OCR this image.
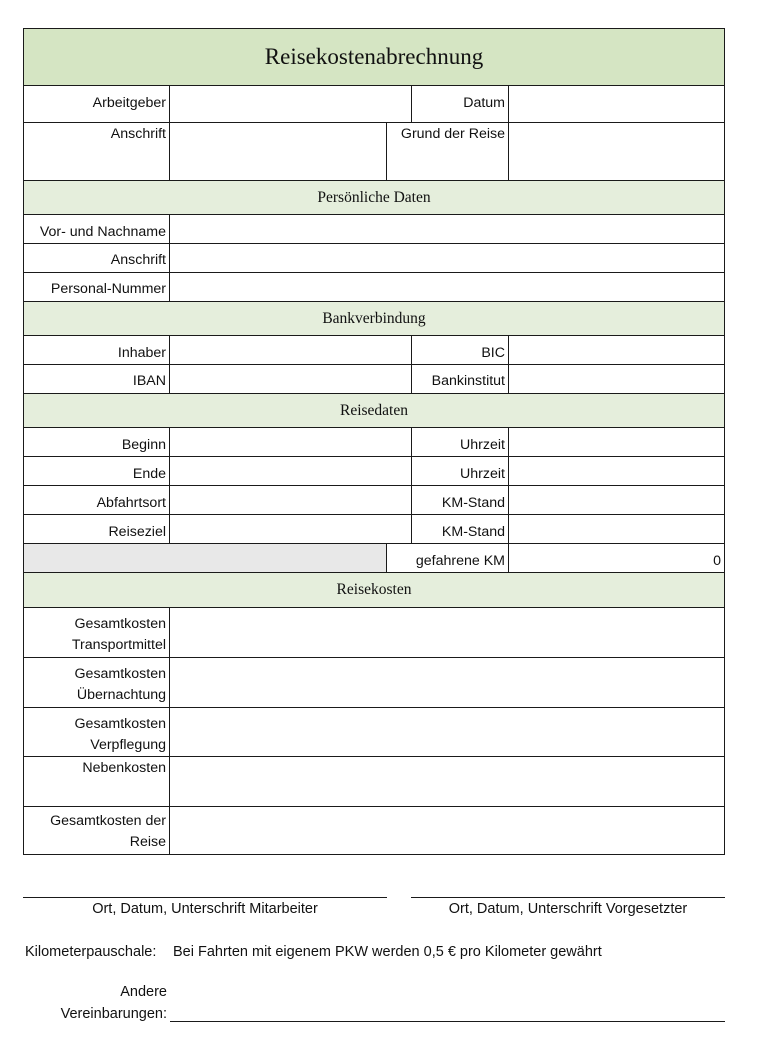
Reisekostenabrechnung
Arbeitgeber	Datum
Anschrift	Grund der Reise
Persönliche Daten
Vor- und Nachname
Anschrift
Personal-Nummer
Bankverbindung
Inhaber	BIC
IBAN	Bankinstitut
Reisedaten
Beginn	Uhrzeit
Ende	Uhrzeit
Abfahrtsort	KM-Stand
Reiseziel	KM-Stand
gefahrene KM	0
Reisekosten
Gesamtkosten
Transportmittel
Gesamtkosten
Übernachtung
Gesamtkosten
Verpflegung
Nebenkosten
Gesamtkosten der
Reise
Ort, Datum, Unterschrift Mitarbeiter	Ort, Datum, Unterschrift Vorgesetzter
Kilometerpauschale: Bei Fahrten mit eigenem PKW werden 0,5 € pro Kilometer gewährt
Andere
Vereinbarungen:
